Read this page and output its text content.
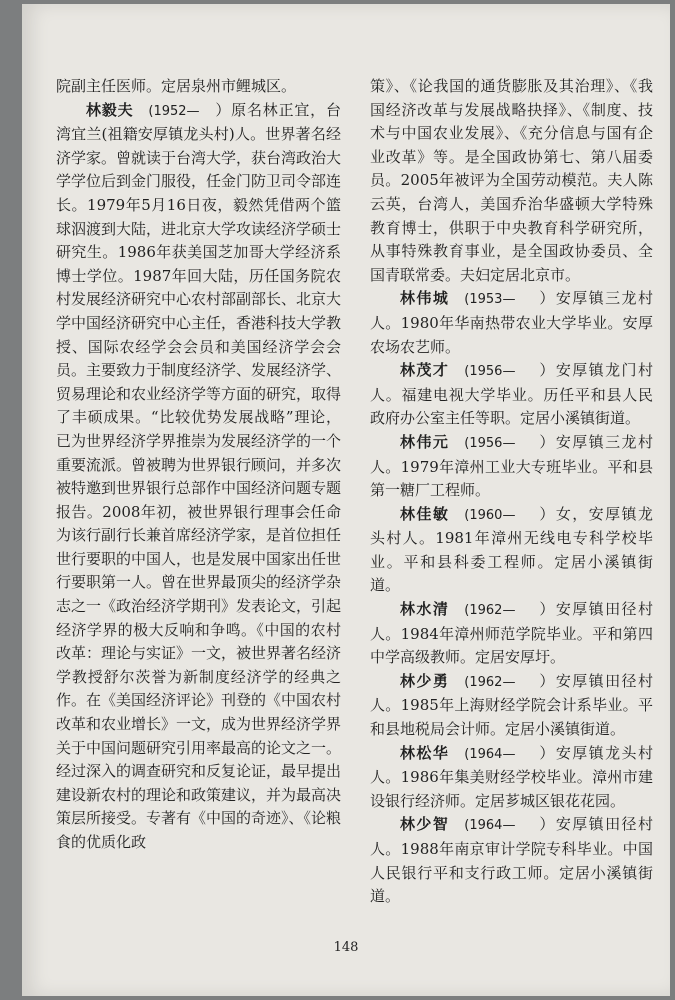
院副主任医师。定居泉州市鲤城区。

林毅夫  (1952—  ）原名林正宜，台湾宜兰(祖籍安厚镇龙头村)人。世界著名经济学家。曾就读于台湾大学，获台湾政治大学学位后到金门服役，任金门防卫司令部连长。1979年5月16日夜，毅然凭借两个篮球泅渡到大陆，进北京大学攻读经济学硕士研究生。1986年获美国芝加哥大学经济系博士学位。1987年回大陆，历任国务院农村发展经济研究中心农村部副部长、北京大学中国经济研究中心主任，香港科技大学教授、国际农经学会会员和美国经济学会会员。主要致力于制度经济学、发展经济学、贸易理论和农业经济学等方面的研究，取得了丰硕成果。“比较优势发展战略”理论，已为世界经济学界推崇为发展经济学的一个重要流派。曾被聘为世界银行顾问，并多次被特邀到世界银行总部作中国经济问题专题报告。2008年初，被世界银行理事会任命为该行副行长兼首席经济学家，是首位担任世行要职的中国人，也是发展中国家出任世行要职第一人。曾在世界最顶尖的经济学杂志之一《政治经济学期刊》发表论文，引起经济学界的极大反响和争鸣。《中国的农村改革：理论与实证》一文，被世界著名经济学教授舒尔茨誉为新制度经济学的经典之作。在《美国经济评论》刊登的《中国农村改革和农业增长》一文，成为世界经济学界关于中国问题研究引用率最高的论文之一。经过深入的调查研究和反复论证，最早提出建设新农村的理论和政策建议，并为最高决策层所接受。专著有《中国的奇迹》、《论粮食的优质化政

策》、《论我国的通货膨胀及其治理》、《我国经济改革与发展战略抉择》、《制度、技术与中国农业发展》、《充分信息与国有企业改革》等。是全国政协第七、第八届委员。2005年被评为全国劳动模范。夫人陈云英，台湾人，美国乔治华盛顿大学特殊教育博士，供职于中央教育科学研究所，从事特殊教育事业，是全国政协委员、全国青联常委。夫妇定居北京市。

林伟城  (1953—   ）安厚镇三龙村人。1980年华南热带农业大学毕业。安厚农场农艺师。

林茂才  (1956—   ）安厚镇龙门村人。福建电视大学毕业。历任平和县人民政府办公室主任等职。定居小溪镇街道。

林伟元  (1956—   ）安厚镇三龙村人。1979年漳州工业大专班毕业。平和县第一糖厂工程师。

林佳敏  (1960—   ）女，安厚镇龙头村人。1981年漳州无线电专科学校毕业。平和县科委工程师。定居小溪镇街道。

林水清  (1962—   ）安厚镇田径村人。1984年漳州师范学院毕业。平和第四中学高级教师。定居安厚圩。

林少勇  (1962—   ）安厚镇田径村人。1985年上海财经学院会计系毕业。平和县地税局会计师。定居小溪镇街道。

林松华  (1964—   ）安厚镇龙头村人。1986年集美财经学校毕业。漳州市建设银行经济师。定居芗城区银花花园。

林少智  (1964—   ）安厚镇田径村人。1988年南京审计学院专科毕业。中国人民银行平和支行政工师。定居小溪镇街道。

148
